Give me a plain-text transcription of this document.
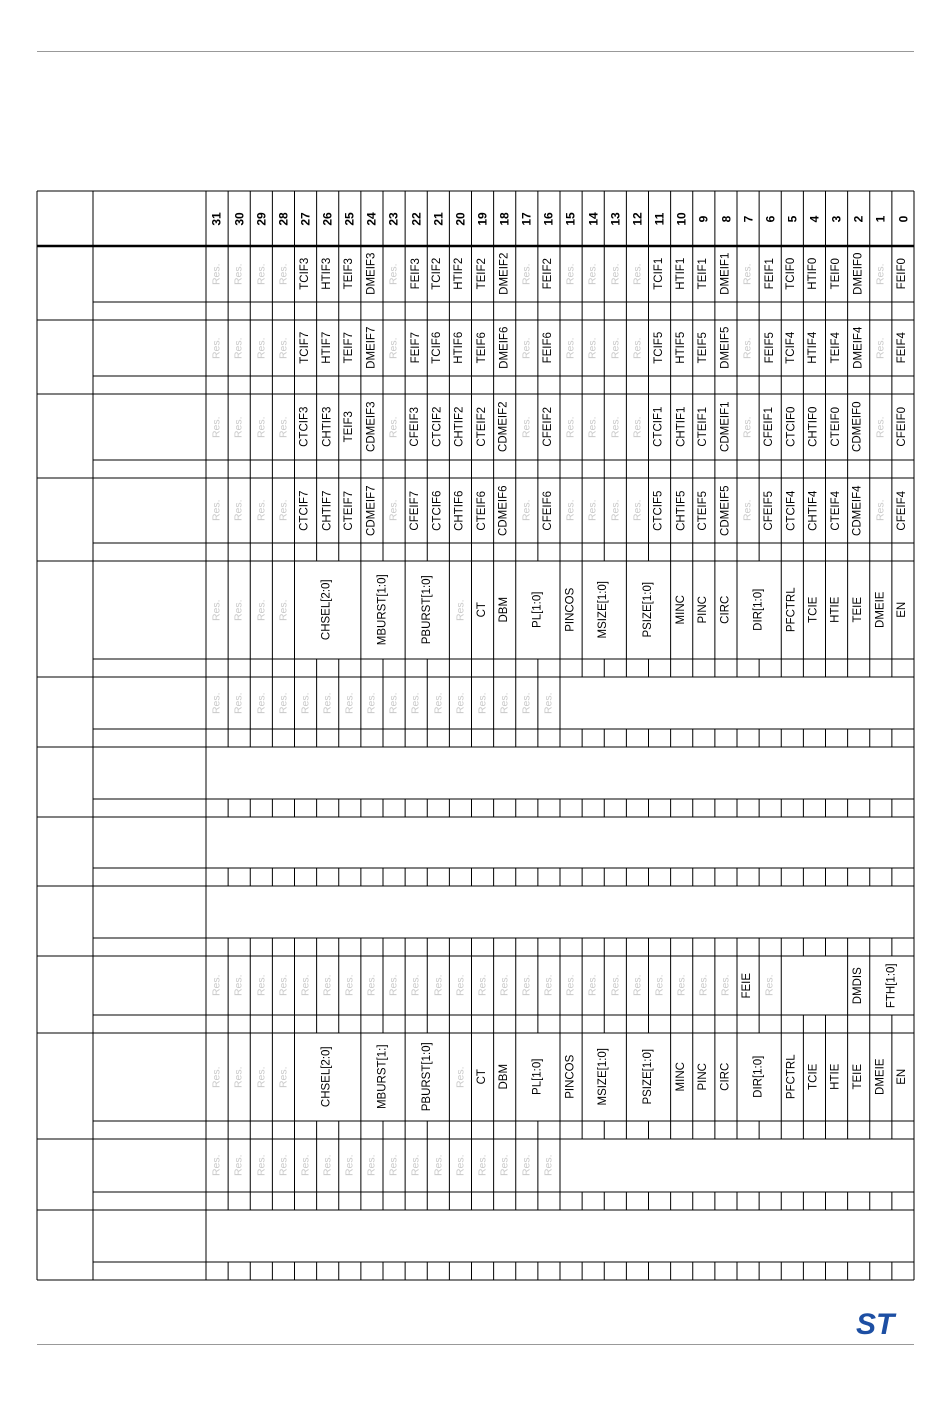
31 30 29 28 27 26 25 24 23 22 21 20 19 18 17 16 15 14 13 12 11 10 9 8 7 6 5 4 3 2 1 0
Res. Res. Res. Res. TCIF3 HTIF3 TEIF3 DMEIF3 Res. FEIF3 TCIF2 HTIF2 TEIF2 DMEIF2 Res. FEIF2 Res. Res. Res. Res. TCIF1 HTIF1 TEIF1 DMEIF1 Res. FEIF1 TCIF0 HTIF0 TEIF0 DMEIF0 Res. FEIF0
Res. Res. Res. Res. TCIF7 HTIF7 TEIF7 DMEIF7 Res. FEIF7 TCIF6 HTIF6 TEIF6 DMEIF6 Res. FEIF6 Res. Res. Res. Res. TCIF5 HTIF5 TEIF5 DMEIF5 Res. FEIF5 TCIF4 HTIF4 TEIF4 DMEIF4 Res. FEIF4
Res. Res. Res. Res. CTCIF3 CHTIF3 TEIF3 CDMEIF3 Res. CFEIF3 CTCIF2 CHTIF2 CTEIF2 CDMEIF2 Res. CFEIF2 Res. Res. Res. Res. CTCIF1 CHTIF1 CTEIF1 CDMEIF1 Res. CFEIF1 CTCIF0 CHTIF0 CTEIF0 CDMEIF0 Res. CFEIF0
Res. Res. Res. Res. CTCIF7 CHTIF7 CTEIF7 CDMEIF7 Res. CFEIF7 CTCIF6 CHTIF6 CTEIF6 CDMEIF6 Res. CFEIF6 Res. Res. Res. Res. CTCIF5 CHTIF5 CTEIF5 CDMEIF5 Res. CFEIF5 CTCIF4 CHTIF4 CTEIF4 CDMEIF4 Res. CFEIF4
Res. Res. Res. Res.	CHSEL[2:0]	MBURST[1:0]	PBURST[1:0] Res. CT DBM PL[1:0] PINCOS MSIZE[1:0]	PSIZE[1:0] MINC PINC CIRC DIR[1:0] PFCTRL TCIE HTIE TEIE DMEIE EN
Res. Res. Res. Res. Res. Res. Res. Res. Res. Res. Res. Res. Res. Res. Res. Res.
Res. Res. Res. Res. Res. Res. Res. Res. Res. Res. Res. Res. Res. Res. Res. Res. Res. Res. Res. Res. Res. Res. Res. Res. FEIE Res.	DMDIS FTH[1:0]
Res. Res. Res. Res.	CHSEL[2:0]	MBURST[1:]	PBURST[1:0] Res. CT DBM PL[1:0] PINCOS MSIZE[1:0]	PSIZE[1:0] MINC PINC CIRC DIR[1:0] PFCTRL TCIE HTIE TEIE DMEIE EN
Res. Res. Res. Res. Res. Res. Res. Res. Res. Res. Res. Res. Res. Res. Res. Res.
ST
